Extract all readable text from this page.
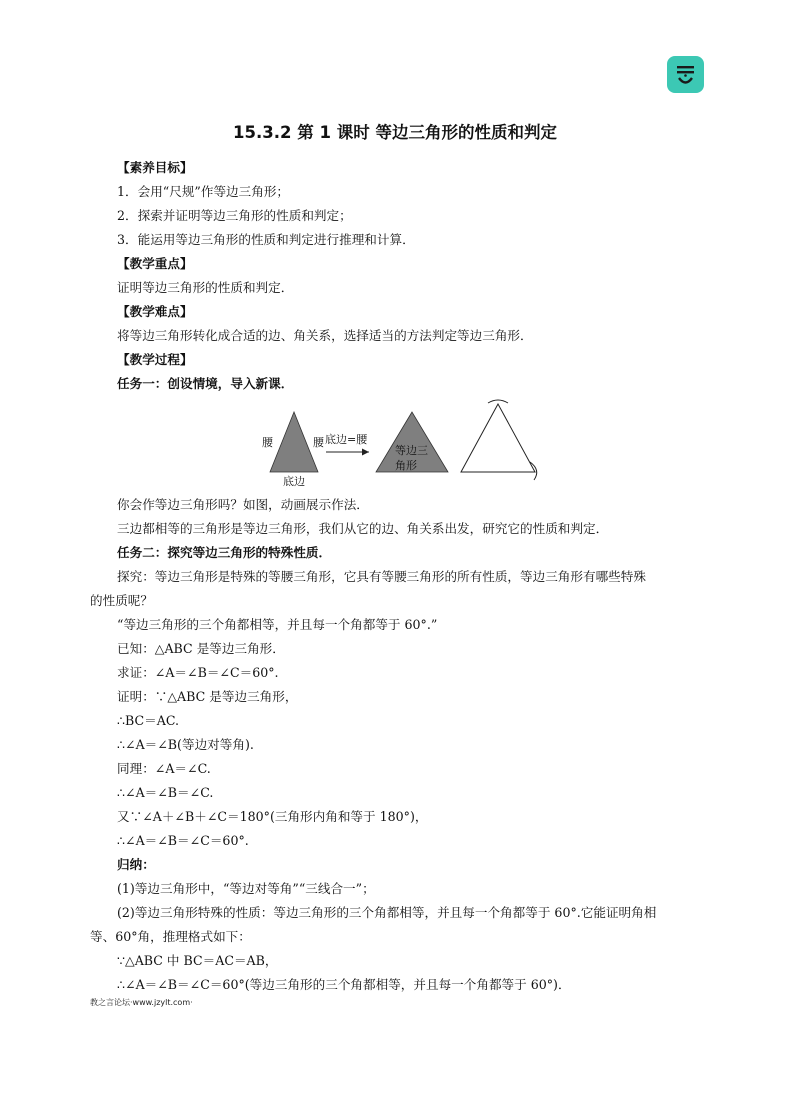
15.3.2 第 1 课时 等边三角形的性质和判定
【素养目标】
1．会用“尺规”作等边三角形；
2．探索并证明等边三角形的性质和判定；
3．能运用等边三角形的性质和判定进行推理和计算．
【教学重点】
证明等边三角形的性质和判定．
【教学难点】
将等边三角形转化成合适的边、角关系，选择适当的方法判定等边三角形．
【教学过程】
任务一：创设情境，导入新课．
腰	腰
底边
底边=腰
等边三
角形
你会作等边三角形吗？如图，动画展示作法．
三边都相等的三角形是等边三角形，我们从它的边、角关系出发，研究它的性质和判定．
任务二：探究等边三角形的特殊性质．
探究：等边三角形是特殊的等腰三角形，它具有等腰三角形的所有性质，等边三角形有哪些特殊
的性质呢？
“等边三角形的三个角都相等，并且每一个角都等于 60°.”
已知：△ABC 是等边三角形．
求证：∠A＝∠B＝∠C＝60°.
证明：∵△ABC 是等边三角形，
∴BC＝AC.
∴∠A＝∠B(等边对等角).
同理：∠A＝∠C.
∴∠A＝∠B＝∠C.
又∵∠A＋∠B＋∠C＝180°(三角形内角和等于 180°)，
∴∠A＝∠B＝∠C＝60°.
归纳：
(1)等边三角形中，“等边对等角”“三线合一”；
(2)等边三角形特殊的性质：等边三角形的三个角都相等，并且每一个角都等于 60°.它能证明角相
等、60°角，推理格式如下：
∵△ABC 中 BC＝AC＝AB，
∴∠A＝∠B＝∠C＝60°(等边三角形的三个角都相等，并且每一个角都等于 60°)．
教之言论坛·www.jzylt.com·
